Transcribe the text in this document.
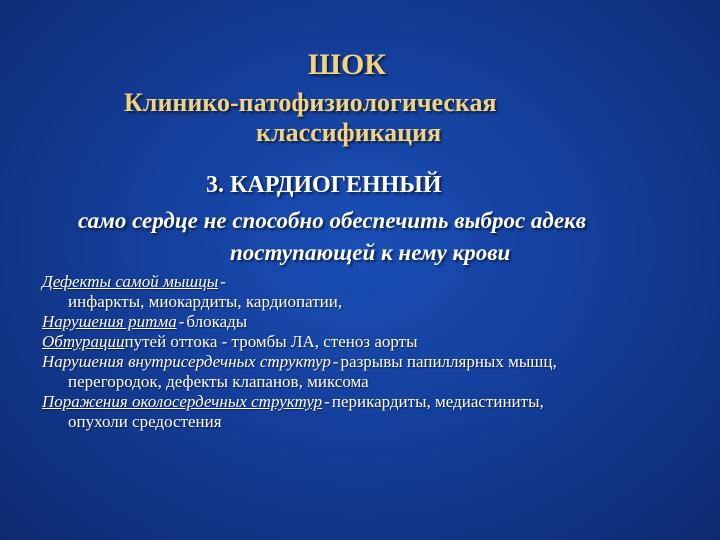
ШОК
Клинико-патофизиологическая
классификация
3. КАРДИОГЕННЫЙ
само сердце не способно обеспечить выброс адекв
поступающей к нему крови

Дефекты самой мышцы -
инфаркты, миокардиты, кардиопатии,

Нарушения ритма - блокады

Обтурациипутей оттока - тромбы ЛА, стеноз аорты

Нарушения внутрисердечных структур - разрывы папиллярных мышц,
перегородок, дефекты клапанов, миксома

Поражения околосердечных структур - перикардиты, медиастиниты,
опухоли средостения
